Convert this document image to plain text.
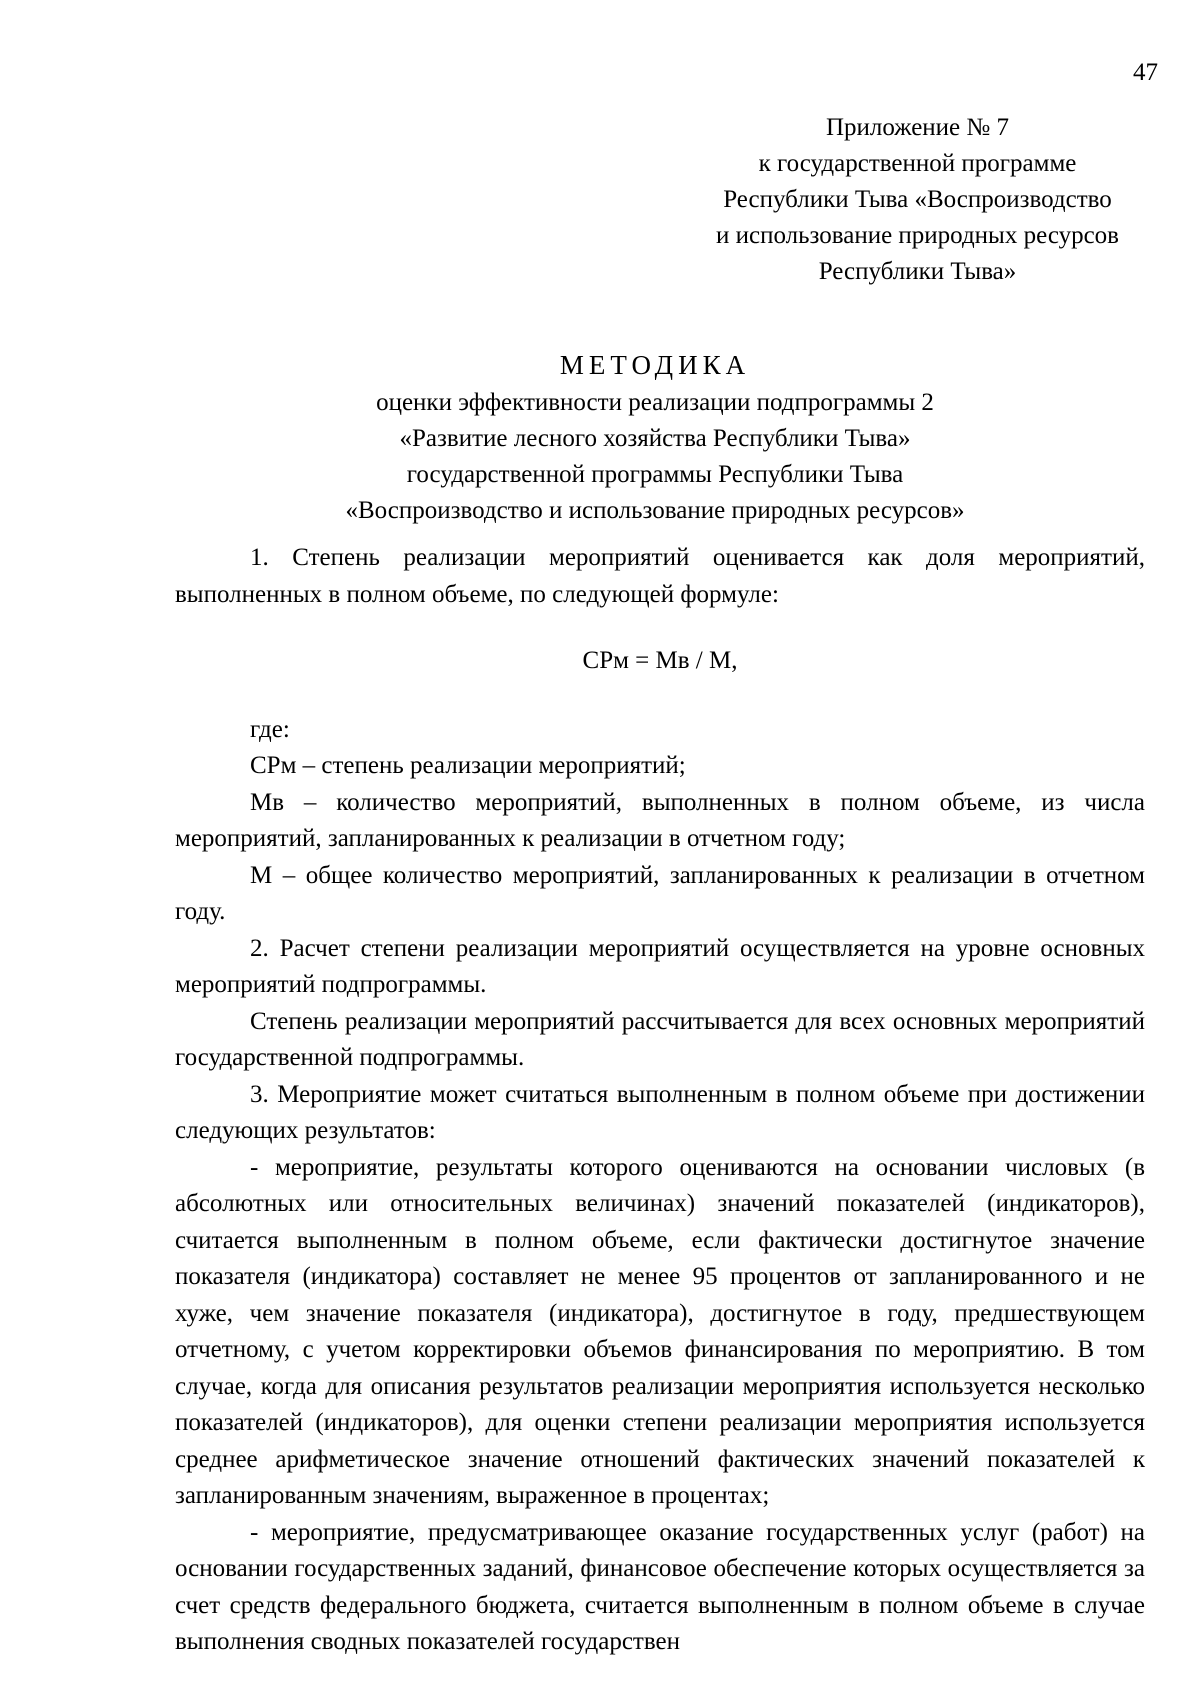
47
Приложение № 7
к государственной программе
Республики Тыва «Воспроизводство
и использование природных ресурсов
Республики Тыва»
МЕТОДИКА
оценки эффективности реализации подпрограммы 2
«Развитие лесного хозяйства Республики Тыва»
государственной программы Республики Тыва
«Воспроизводство и использование природных ресурсов»

1. Степень реализации мероприятий оценивается как доля мероприятий, выполненных в полном объеме, по следующей формуле:

СРм = Мв / М,

где:

СРм – степень реализации мероприятий;

Мв – количество мероприятий, выполненных в полном объеме, из числа мероприятий, запланированных к реализации в отчетном году;

М – общее количество мероприятий, запланированных к реализации в отчетном году.

2. Расчет степени реализации мероприятий осуществляется на уровне основных мероприятий подпрограммы.

Степень реализации мероприятий рассчитывается для всех основных мероприятий государственной подпрограммы.

3. Мероприятие может считаться выполненным в полном объеме при достижении следующих результатов:

- мероприятие, результаты которого оцениваются на основании числовых (в абсолютных или относительных величинах) значений показателей (индикаторов), считается выполненным в полном объеме, если фактически достигнутое значение показателя (индикатора) составляет не менее 95 процентов от запланированного и не хуже, чем значение показателя (индикатора), достигнутое в году, предшествующем отчетному, с учетом корректировки объемов финансирования по мероприятию. В том случае, когда для описания результатов реализации мероприятия используется несколько показателей (индикаторов), для оценки степени реализации мероприятия используется среднее арифметическое значение отношений фактических значений показателей к запланированным значениям, выраженное в процентах;

- мероприятие, предусматривающее оказание государственных услуг (работ) на основании государственных заданий, финансовое обеспечение которых осуществляется за счет средств федерального бюджета, считается выполненным в полном объеме в случае выполнения сводных показателей государствен
